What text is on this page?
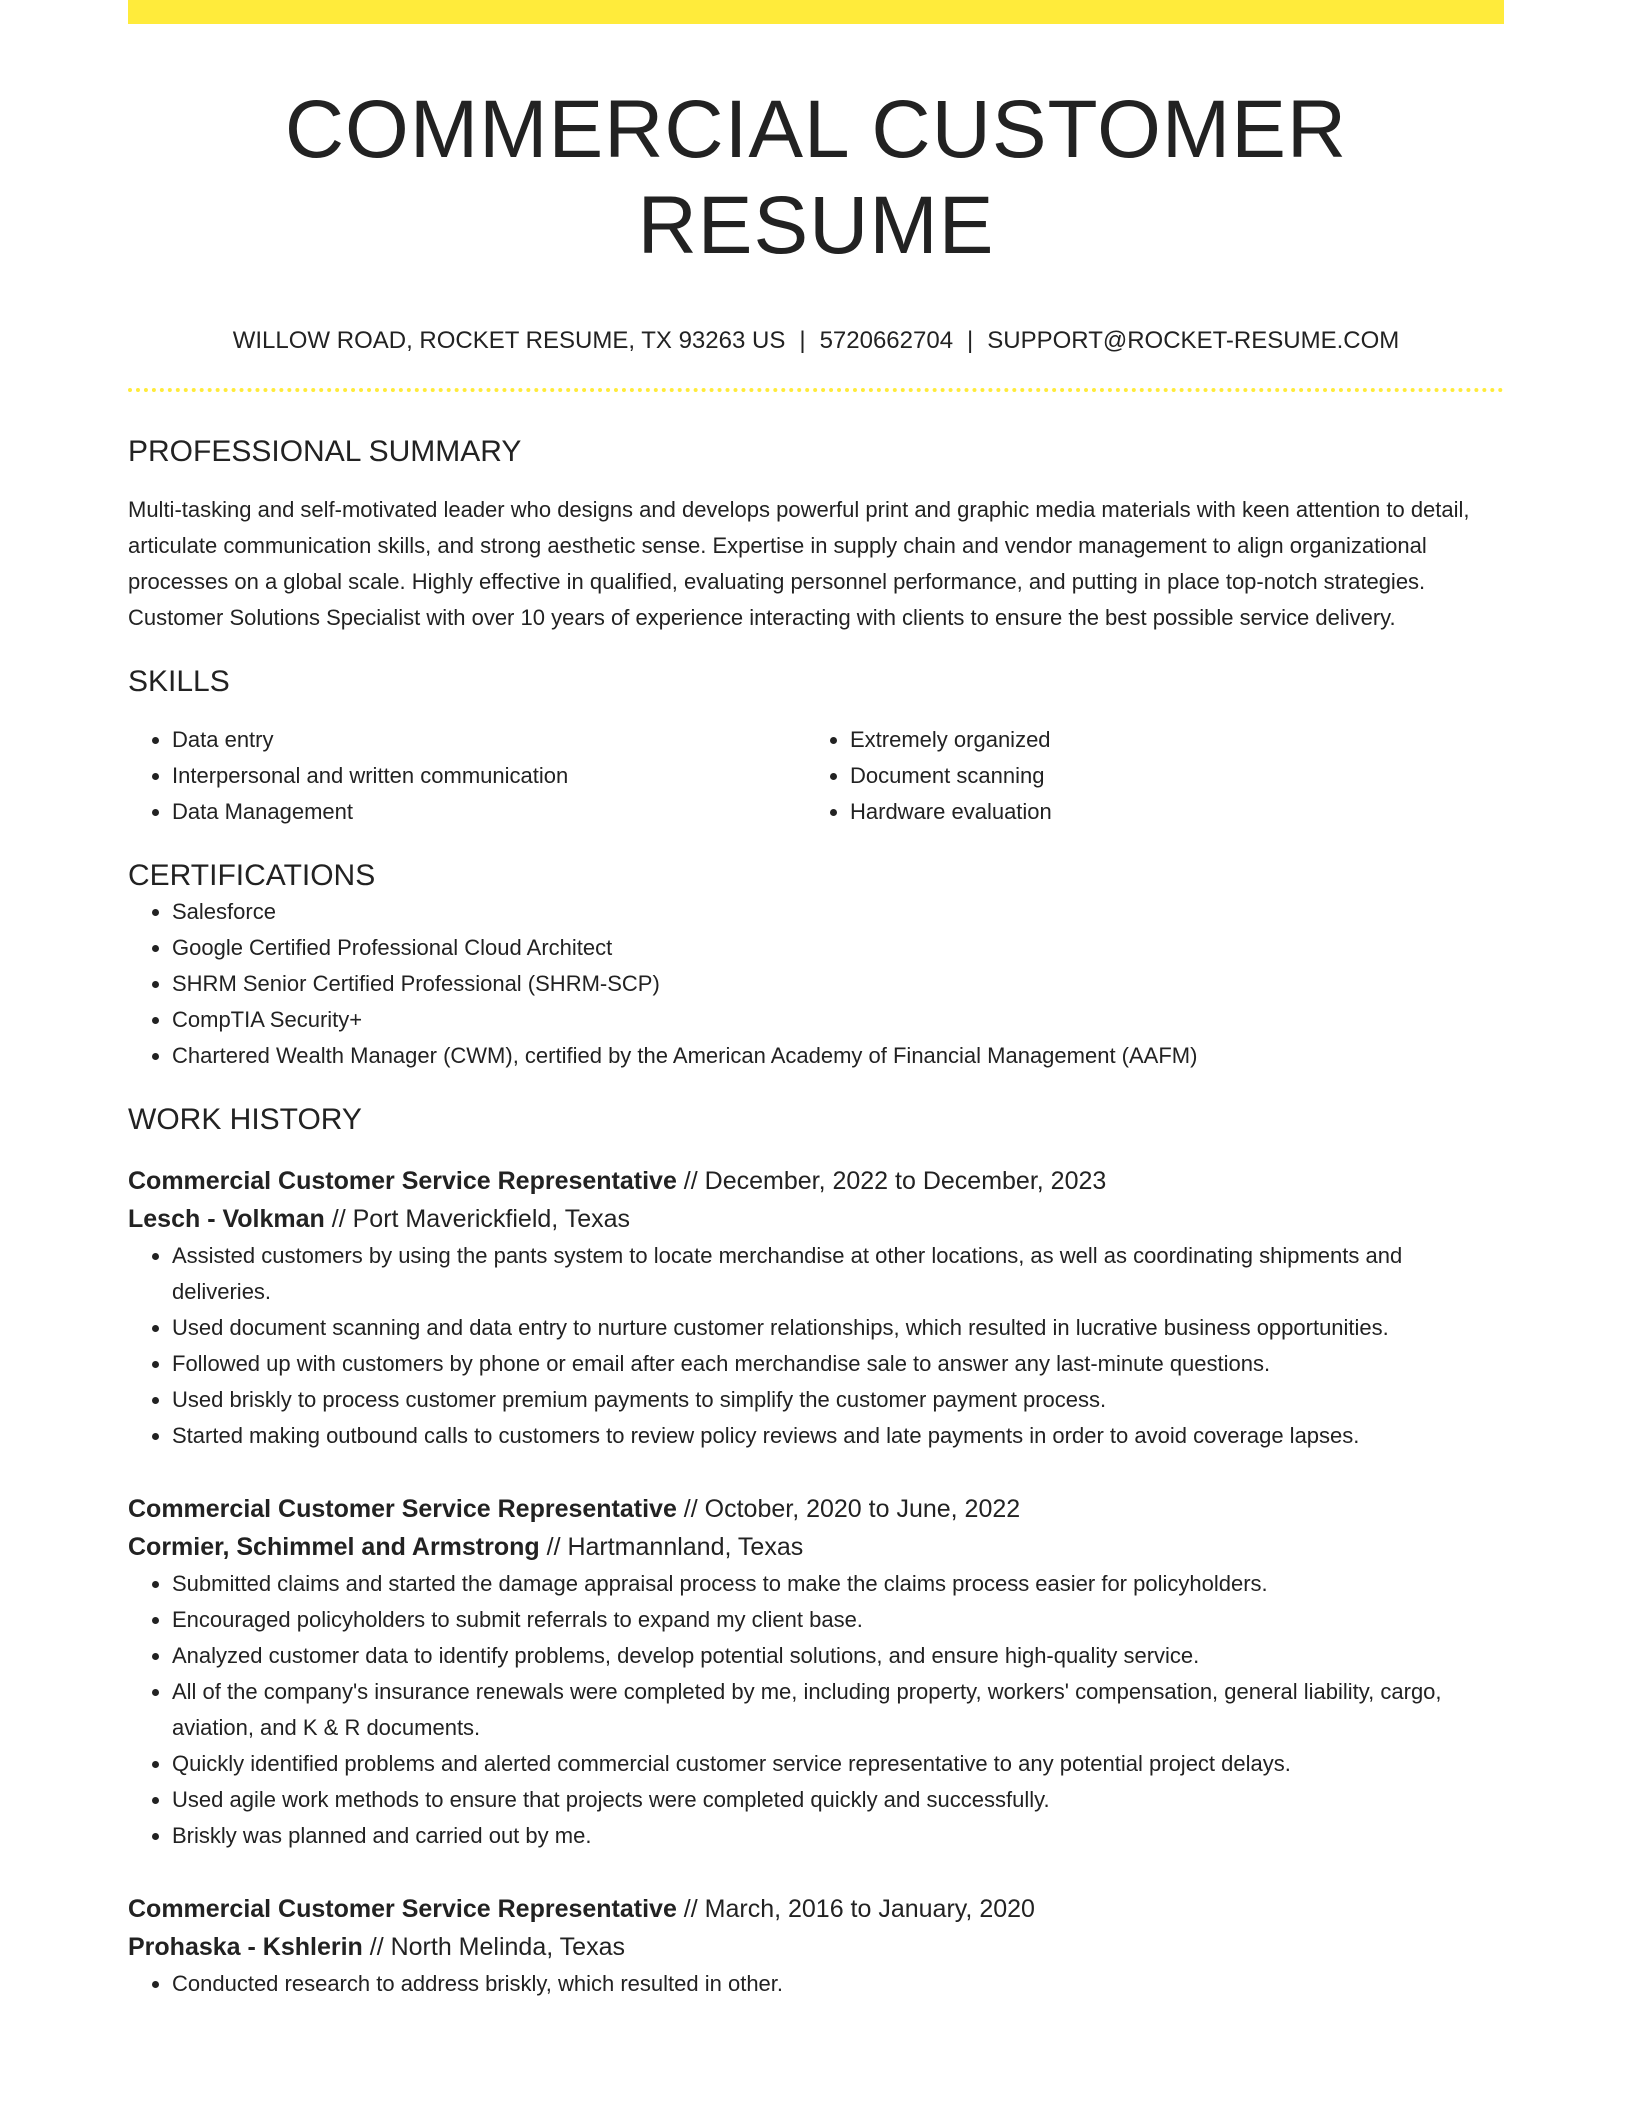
COMMERCIAL CUSTOMER RESUME
WILLOW ROAD, ROCKET RESUME, TX 93263 US | 5720662704 | SUPPORT@ROCKET-RESUME.COM
PROFESSIONAL SUMMARY
Multi-tasking and self-motivated leader who designs and develops powerful print and graphic media materials with keen attention to detail, articulate communication skills, and strong aesthetic sense. Expertise in supply chain and vendor management to align organizational processes on a global scale. Highly effective in qualified, evaluating personnel performance, and putting in place top-notch strategies. Customer Solutions Specialist with over 10 years of experience interacting with clients to ensure the best possible service delivery.
SKILLS
• Data entry
• Interpersonal and written communication
• Data Management
• Extremely organized
• Document scanning
• Hardware evaluation
CERTIFICATIONS
• Salesforce
• Google Certified Professional Cloud Architect
• SHRM Senior Certified Professional (SHRM-SCP)
• CompTIA Security+
• Chartered Wealth Manager (CWM), certified by the American Academy of Financial Management (AAFM)
WORK HISTORY
Commercial Customer Service Representative // December, 2022 to December, 2023
Lesch - Volkman // Port Maverickfield, Texas
• Assisted customers by using the pants system to locate merchandise at other locations, as well as coordinating shipments and deliveries.
• Used document scanning and data entry to nurture customer relationships, which resulted in lucrative business opportunities.
• Followed up with customers by phone or email after each merchandise sale to answer any last-minute questions.
• Used briskly to process customer premium payments to simplify the customer payment process.
• Started making outbound calls to customers to review policy reviews and late payments in order to avoid coverage lapses.
Commercial Customer Service Representative // October, 2020 to June, 2022
Cormier, Schimmel and Armstrong // Hartmannland, Texas
• Submitted claims and started the damage appraisal process to make the claims process easier for policyholders.
• Encouraged policyholders to submit referrals to expand my client base.
• Analyzed customer data to identify problems, develop potential solutions, and ensure high-quality service.
• All of the company's insurance renewals were completed by me, including property, workers' compensation, general liability, cargo, aviation, and K & R documents.
• Quickly identified problems and alerted commercial customer service representative to any potential project delays.
• Used agile work methods to ensure that projects were completed quickly and successfully.
• Briskly was planned and carried out by me.
Commercial Customer Service Representative // March, 2016 to January, 2020
Prohaska - Kshlerin // North Melinda, Texas
• Conducted research to address briskly, which resulted in other.
